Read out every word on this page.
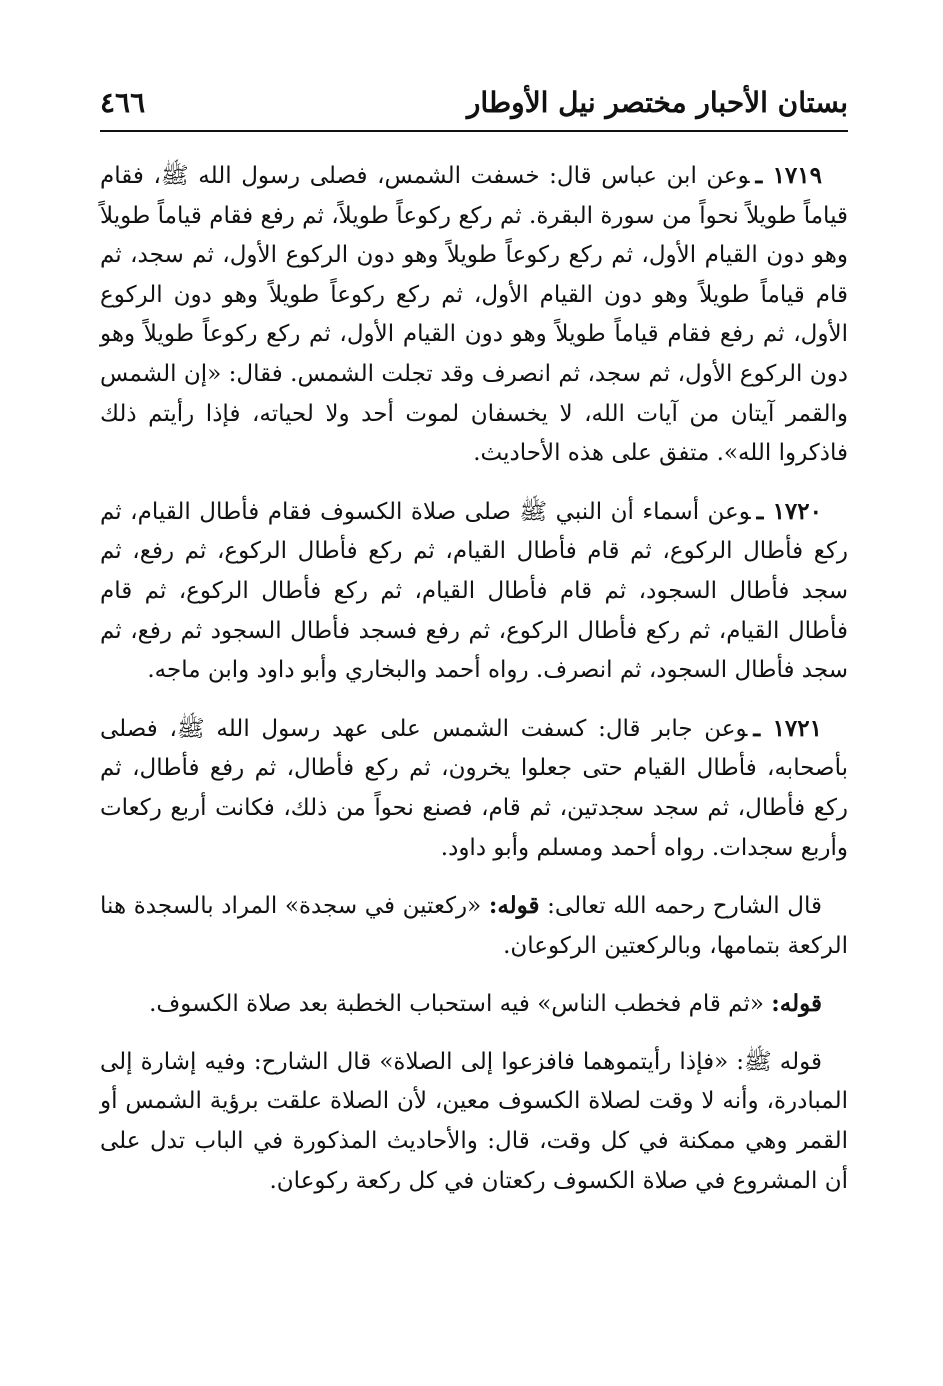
بستان الأحبار مختصر نيل الأوطار
٤٦٦

١٧١٩ ـوعن ابن عباس قال: خسفت الشمس، فصلى رسول الله ﷺ، فقام قياماً طويلاً نحواً من سورة البقرة. ثم ركع ركوعاً طويلاً، ثم رفع فقام قياماً طويلاً وهو دون القيام الأول، ثم ركع ركوعاً طويلاً وهو دون الركوع الأول، ثم سجد، ثم قام قياماً طويلاً وهو دون القيام الأول، ثم ركع ركوعاً طويلاً وهو دون الركوع الأول، ثم رفع فقام قياماً طويلاً وهو دون القيام الأول، ثم ركع ركوعاً طويلاً وهو دون الركوع الأول، ثم سجد، ثم انصرف وقد تجلت الشمس. فقال: «إن الشمس والقمر آيتان من آيات الله، لا يخسفان لموت أحد ولا لحياته، فإذا رأيتم ذلك فاذكروا الله». متفق على هذه الأحاديث.

١٧٢٠ ـوعن أسماء أن النبي ﷺ صلى صلاة الكسوف فقام فأطال القيام، ثم ركع فأطال الركوع، ثم قام فأطال القيام، ثم ركع فأطال الركوع، ثم رفع، ثم سجد فأطال السجود، ثم قام فأطال القيام، ثم ركع فأطال الركوع، ثم قام فأطال القيام، ثم ركع فأطال الركوع، ثم رفع فسجد فأطال السجود ثم رفع، ثم سجد فأطال السجود، ثم انصرف. رواه أحمد والبخاري وأبو داود وابن ماجه.

١٧٢١ ـوعن جابر قال: كسفت الشمس على عهد رسول الله ﷺ، فصلى بأصحابه، فأطال القيام حتى جعلوا يخرون، ثم ركع فأطال، ثم رفع فأطال، ثم ركع فأطال، ثم سجد سجدتين، ثم قام، فصنع نحواً من ذلك، فكانت أربع ركعات وأربع سجدات. رواه أحمد ومسلم وأبو داود.

قال الشارح رحمه الله تعالى: قوله: «ركعتين في سجدة» المراد بالسجدة هنا الركعة بتمامها، وبالركعتين الركوعان.

قوله: «ثم قام فخطب الناس» فيه استحباب الخطبة بعد صلاة الكسوف.

قوله ﷺ: «فإذا رأيتموهما فافزعوا إلى الصلاة» قال الشارح: وفيه إشارة إلى المبادرة، وأنه لا وقت لصلاة الكسوف معين، لأن الصلاة علقت برؤية الشمس أو القمر وهي ممكنة في كل وقت، قال: والأحاديث المذكورة في الباب تدل على أن المشروع في صلاة الكسوف ركعتان في كل ركعة ركوعان.
